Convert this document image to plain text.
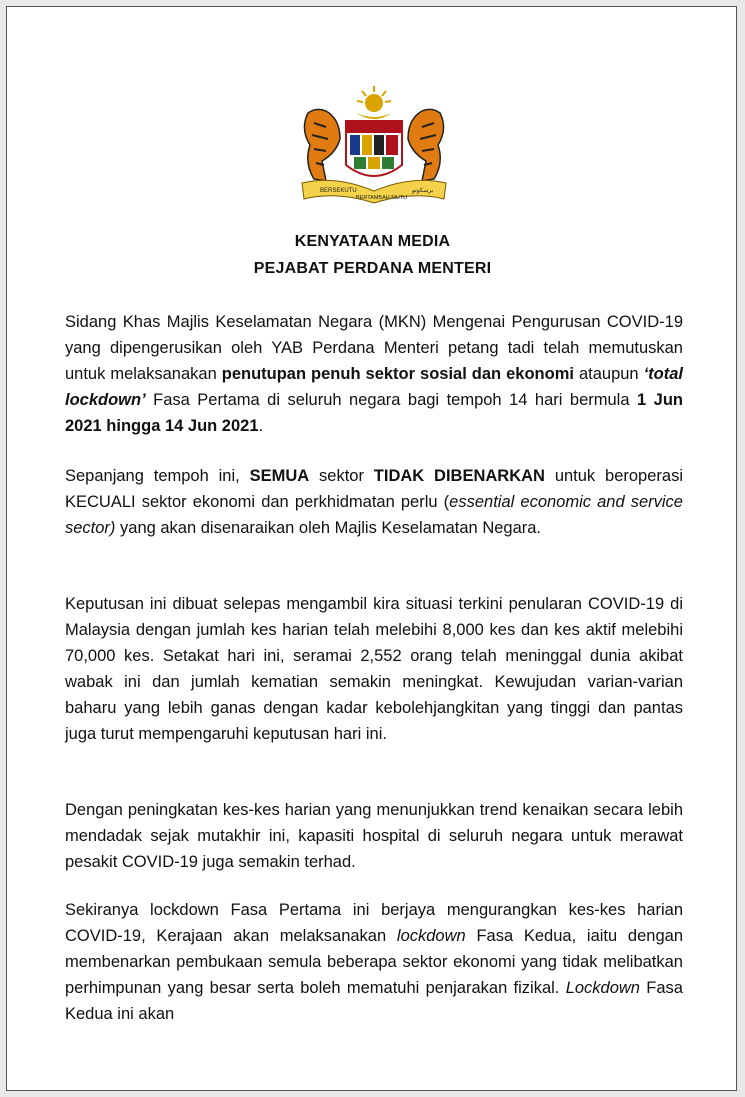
BERSEKUTU
BERTAMBAH MUTU
برسکوتو
KENYATAAN MEDIA
PEJABAT PERDANA MENTERI
Sidang Khas Majlis Keselamatan Negara (MKN) Mengenai Pengurusan COVID-19 yang dipengerusikan oleh YAB Perdana Menteri petang tadi telah memutuskan untuk melaksanakan penutupan penuh sektor sosial dan ekonomi ataupun ‘total lockdown’ Fasa Pertama di seluruh negara bagi tempoh 14 hari bermula 1 Jun 2021 hingga 14 Jun 2021.
Sepanjang tempoh ini, SEMUA sektor TIDAK DIBENARKAN untuk beroperasi KECUALI sektor ekonomi dan perkhidmatan perlu (essential economic and service sector) yang akan disenaraikan oleh Majlis Keselamatan Negara.
Keputusan ini dibuat selepas mengambil kira situasi terkini penularan COVID-19 di Malaysia dengan jumlah kes harian telah melebihi 8,000 kes dan kes aktif melebihi 70,000 kes. Setakat hari ini, seramai 2,552 orang telah meninggal dunia akibat wabak ini dan jumlah kematian semakin meningkat. Kewujudan varian-varian baharu yang lebih ganas dengan kadar kebolehjangkitan yang tinggi dan pantas juga turut mempengaruhi keputusan hari ini.
Dengan peningkatan kes-kes harian yang menunjukkan trend kenaikan secara lebih mendadak sejak mutakhir ini, kapasiti hospital di seluruh negara untuk merawat pesakit COVID-19 juga semakin terhad.
Sekiranya lockdown Fasa Pertama ini berjaya mengurangkan kes-kes harian COVID-19, Kerajaan akan melaksanakan lockdown Fasa Kedua, iaitu dengan membenarkan pembukaan semula beberapa sektor ekonomi yang tidak melibatkan perhimpunan yang besar serta boleh mematuhi penjarakan fizikal. Lockdown Fasa Kedua ini akan
